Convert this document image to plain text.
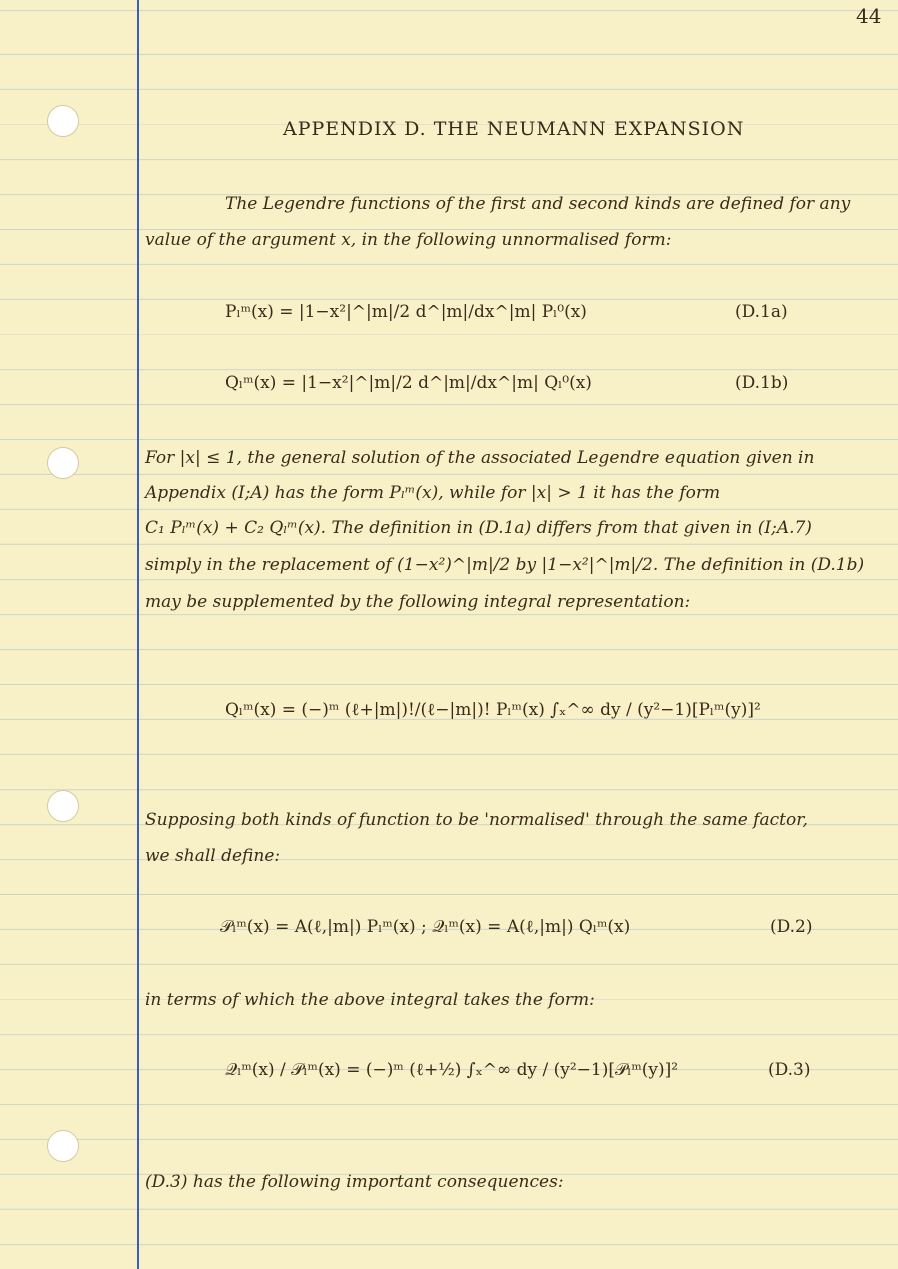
44
APPENDIX D. THE NEUMANN EXPANSION
The Legendre functions of the first and second kinds are defined for any
value of the argument x, in the following unnormalised form:
Pₗᵐ(x) = |1−x²|^|m|/2 d^|m|/dx^|m| Pₗ⁰(x)	(D.1a)
Qₗᵐ(x) = |1−x²|^|m|/2 d^|m|/dx^|m| Qₗ⁰(x)	(D.1b)
For |x| ≤ 1, the general solution of the associated Legendre equation given in
Appendix (I;A) has the form Pₗᵐ(x), while for |x| > 1 it has the form
C₁ Pₗᵐ(x) + C₂ Qₗᵐ(x). The definition in (D.1a) differs from that given in (I;A.7)
simply in the replacement of (1−x²)^|m|/2 by |1−x²|^|m|/2. The definition in (D.1b)
may be supplemented by the following integral representation:
Qₗᵐ(x) = (−)ᵐ (ℓ+|m|)!/(ℓ−|m|)! Pₗᵐ(x) ∫ₓ^∞ dy / (y²−1)[Pₗᵐ(y)]²
Supposing both kinds of function to be 'normalised' through the same factor,
we shall define:
𝒫ₗᵐ(x) = A(ℓ,|m|) Pₗᵐ(x) ; 𝒬ₗᵐ(x) = A(ℓ,|m|) Qₗᵐ(x)	(D.2)
in terms of which the above integral takes the form:
𝒬ₗᵐ(x) / 𝒫ₗᵐ(x) = (−)ᵐ (ℓ+½) ∫ₓ^∞ dy / (y²−1)[𝒫ₗᵐ(y)]²	(D.3)
(D.3) has the following important consequences:
